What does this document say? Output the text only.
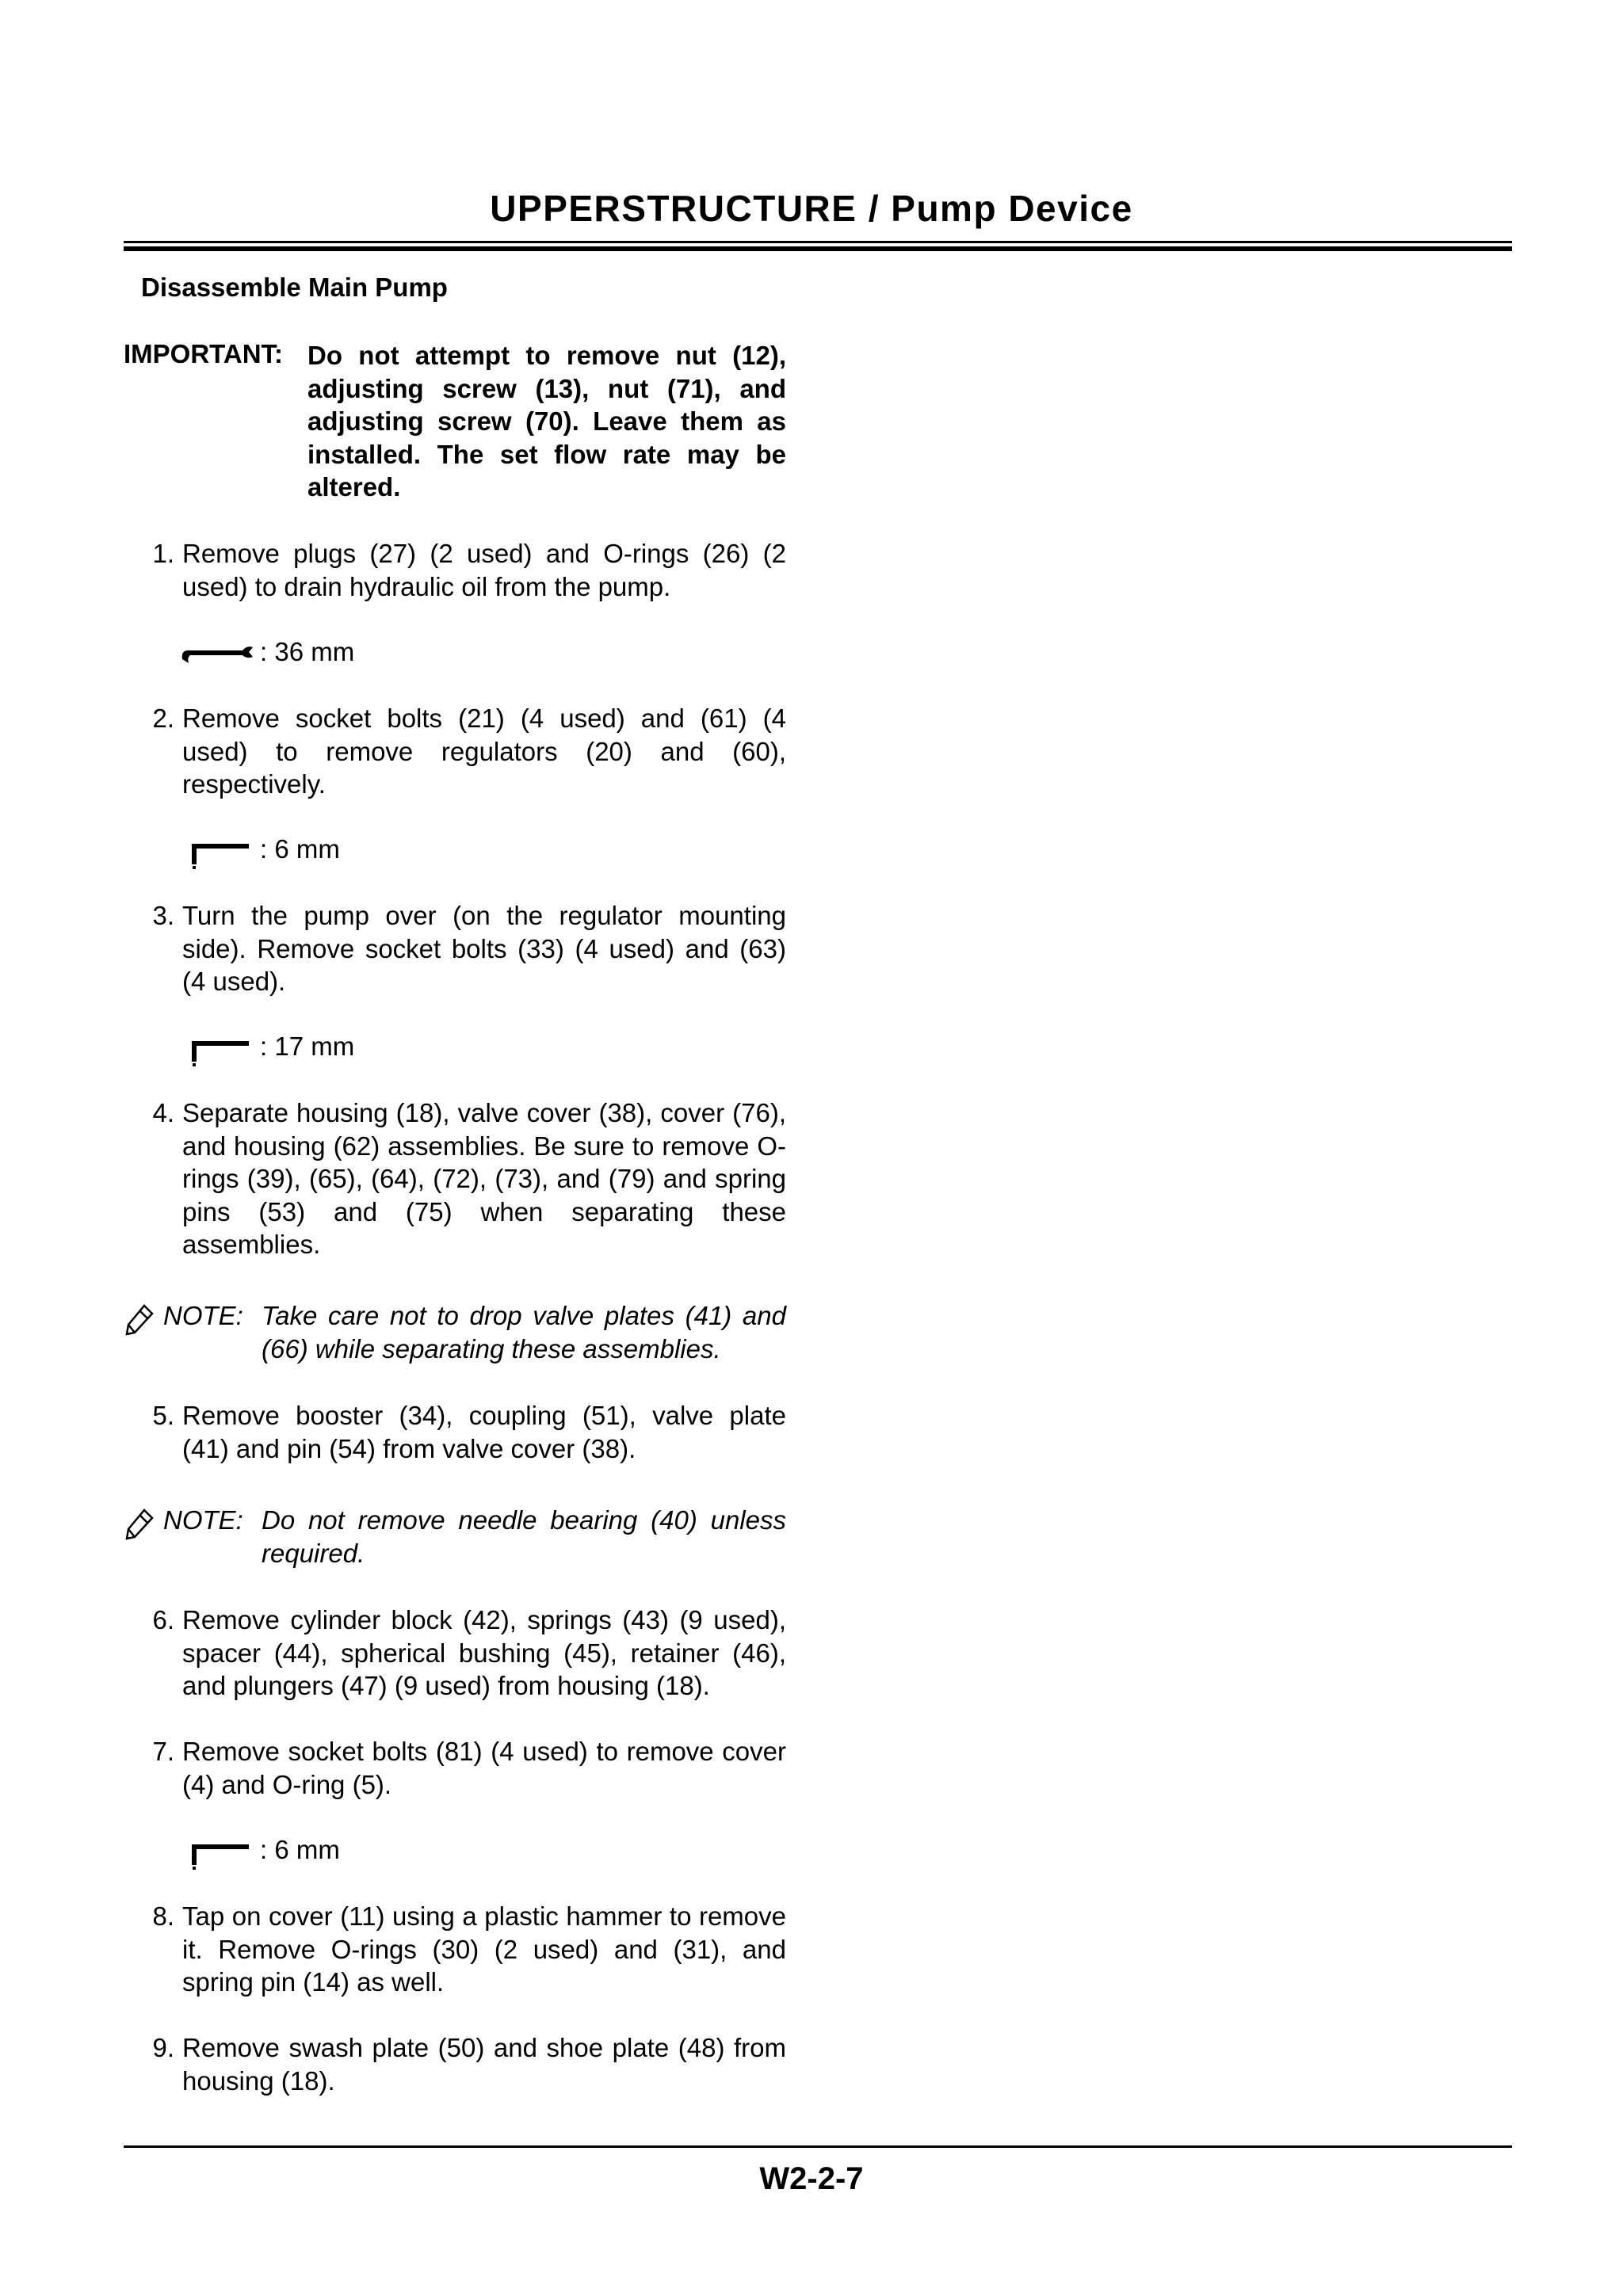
UPPERSTRUCTURE / Pump Device
Disassemble Main Pump
IMPORTANT: Do not attempt to remove nut (12), adjusting screw (13), nut (71), and adjusting screw (70). Leave them as installed. The set flow rate may be altered.
1. Remove plugs (27) (2 used) and O-rings (26) (2 used) to drain hydraulic oil from the pump.
: 36 mm
2. Remove socket bolts (21) (4 used) and (61) (4 used) to remove regulators (20) and (60), respectively.
: 6 mm
3. Turn the pump over (on the regulator mounting side). Remove socket bolts (33) (4 used) and (63) (4 used).
: 17 mm
4. Separate housing (18), valve cover (38), cover (76), and housing (62) assemblies. Be sure to remove O-rings (39), (65), (64), (72), (73), and (79) and spring pins (53) and (75) when separating these assemblies.
NOTE: Take care not to drop valve plates (41) and (66) while separating these assemblies.
5. Remove booster (34), coupling (51), valve plate (41) and pin (54) from valve cover (38).
NOTE: Do not remove needle bearing (40) unless required.
6. Remove cylinder block (42), springs (43) (9 used), spacer (44), spherical bushing (45), retainer (46), and plungers (47) (9 used) from housing (18).
7. Remove socket bolts (81) (4 used) to remove cover (4) and O-ring (5).
: 6 mm
8. Tap on cover (11) using a plastic hammer to remove it. Remove O-rings (30) (2 used) and (31), and spring pin (14) as well.
9. Remove swash plate (50) and shoe plate (48) from housing (18).
W2-2-7
